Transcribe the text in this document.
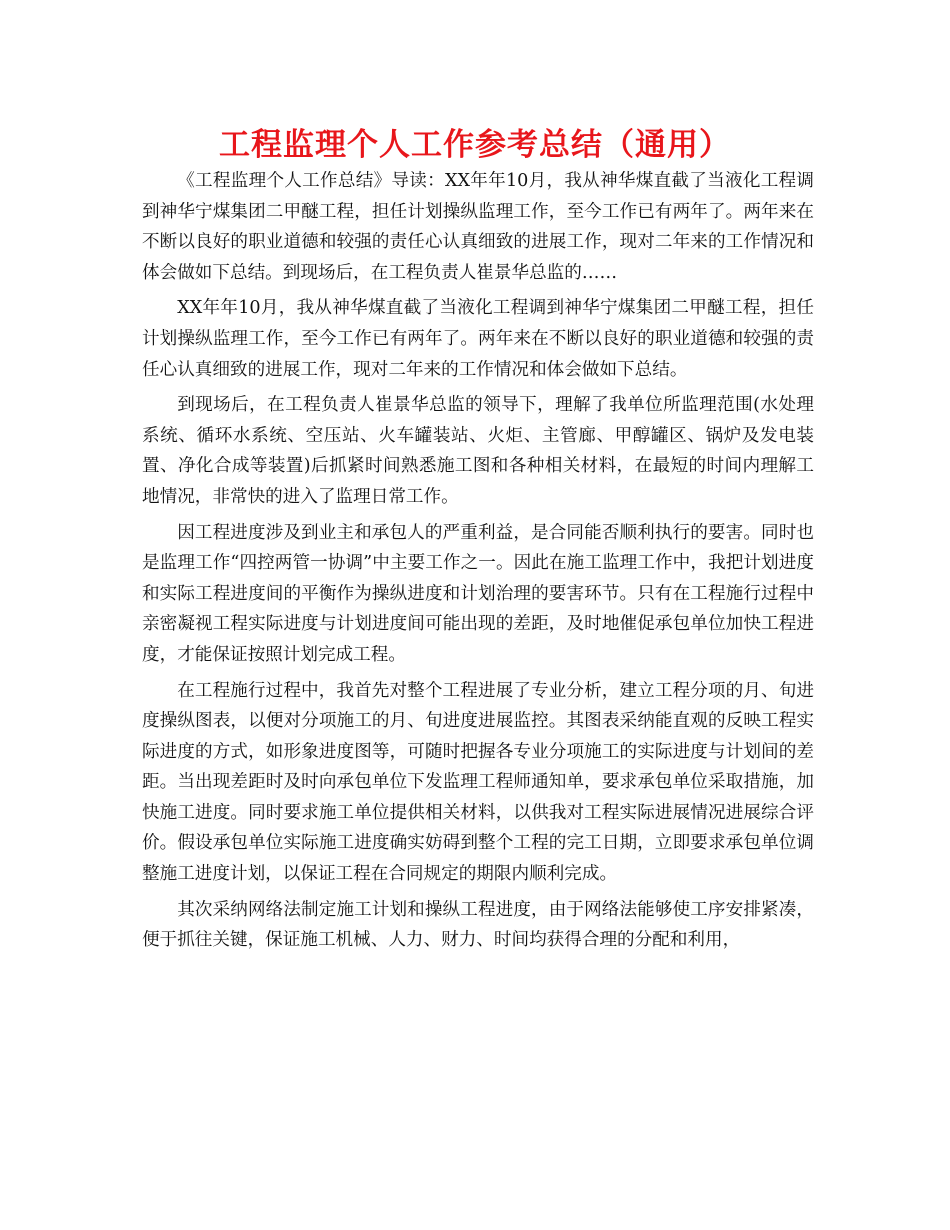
工程监理个人工作参考总结（通用）

《工程监理个人工作总结》导读：XX年年10月，我从神华煤直截了当液化工程调到神华宁煤集团二甲醚工程，担任计划操纵监理工作，至今工作已有两年了。两年来在不断以良好的职业道德和较强的责任心认真细致的进展工作，现对二年来的工作情况和体会做如下总结。到现场后，在工程负责人崔景华总监的……

XX年年10月，我从神华煤直截了当液化工程调到神华宁煤集团二甲醚工程，担任计划操纵监理工作，至今工作已有两年了。两年来在不断以良好的职业道德和较强的责任心认真细致的进展工作，现对二年来的工作情况和体会做如下总结。

到现场后，在工程负责人崔景华总监的领导下，理解了我单位所监理范围(水处理系统、循环水系统、空压站、火车罐装站、火炬、主管廊、甲醇罐区、锅炉及发电装置、净化合成等装置)后抓紧时间熟悉施工图和各种相关材料，在最短的时间内理解工地情况，非常快的进入了监理日常工作。

因工程进度涉及到业主和承包人的严重利益，是合同能否顺利执行的要害。同时也是监理工作“四控两管一协调”中主要工作之一。因此在施工监理工作中，我把计划进度和实际工程进度间的平衡作为操纵进度和计划治理的要害环节。只有在工程施行过程中亲密凝视工程实际进度与计划进度间可能出现的差距，及时地催促承包单位加快工程进度，才能保证按照计划完成工程。

在工程施行过程中，我首先对整个工程进展了专业分析，建立工程分项的月、旬进度操纵图表，以便对分项施工的月、旬进度进展监控。其图表采纳能直观的反映工程实际进度的方式，如形象进度图等，可随时把握各专业分项施工的实际进度与计划间的差距。当出现差距时及时向承包单位下发监理工程师通知单，要求承包单位采取措施，加快施工进度。同时要求施工单位提供相关材料，以供我对工程实际进展情况进展综合评价。假设承包单位实际施工进度确实妨碍到整个工程的完工日期，立即要求承包单位调整施工进度计划，以保证工程在合同规定的期限内顺利完成。

其次采纳网络法制定施工计划和操纵工程进度，由于网络法能够使工序安排紧凑，便于抓往关键，保证施工机械、人力、财力、时间均获得合理的分配和利用，
